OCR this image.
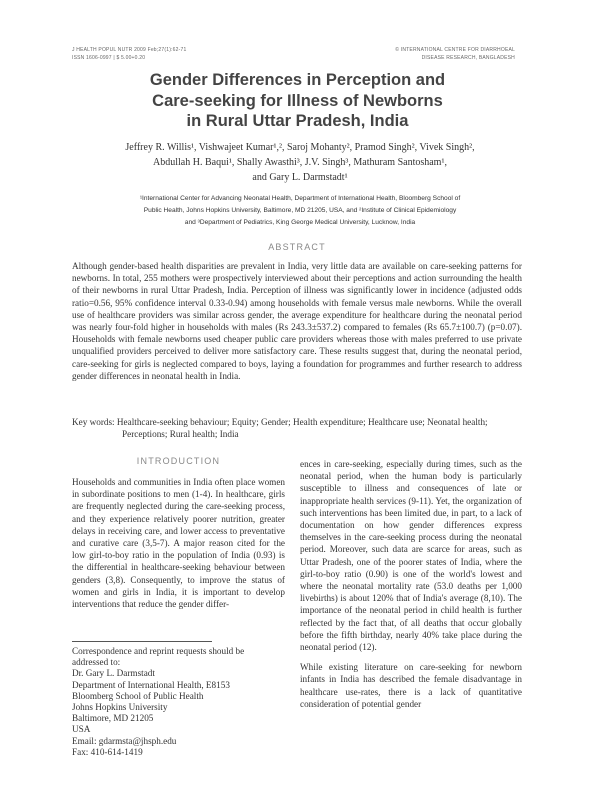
J HEALTH POPUL NUTR 2009 Feb;27(1):62-71
ISSN 1606-0997 | $ 5.00+0.20
© INTERNATIONAL CENTRE FOR DIARRHOEAL
DISEASE RESEARCH, BANGLADESH
Gender Differences in Perception and
Care-seeking for Illness of Newborns
in Rural Uttar Pradesh, India
Jeffrey R. Willis¹, Vishwajeet Kumar¹,², Saroj Mohanty², Pramod Singh², Vivek Singh²,
Abdullah H. Baqui¹, Shally Awasthi³, J.V. Singh³, Mathuram Santosham¹,
and Gary L. Darmstadt¹
¹International Center for Advancing Neonatal Health, Department of International Health, Bloomberg School of
Public Health, Johns Hopkins University, Baltimore, MD 21205, USA, and ²Institute of Clinical Epidemiology
and ³Department of Pediatrics, King George Medical University, Lucknow, India
ABSTRACT

Although gender-based health disparities are prevalent in India, very little data are available on care-seeking patterns for newborns. In total, 255 mothers were prospectively interviewed about their perceptions and action surrounding the health of their newborns in rural Uttar Pradesh, India. Perception of illness was significantly lower in incidence (adjusted odds ratio=0.56, 95% confidence interval 0.33-0.94) among households with female versus male newborns. While the overall use of healthcare providers was similar across gender, the average expenditure for healthcare during the neonatal period was nearly four-fold higher in households with males (Rs 243.3±537.2) compared to females (Rs 65.7±100.7) (p=0.07). Households with female newborns used cheaper public care providers whereas those with males preferred to use private unqualified providers perceived to deliver more satisfactory care. These results suggest that, during the neonatal period, care-seeking for girls is neglected compared to boys, laying a foundation for programmes and further research to address gender differences in neonatal health in India.

Key words: Healthcare-seeking behaviour; Equity; Gender; Health expenditure; Healthcare use; Neonatal health; Perceptions; Rural health; India

INTRODUCTION

Households and communities in India often place women in subordinate positions to men (1-4). In healthcare, girls are frequently neglected during the care-seeking process, and they experience relatively poorer nutrition, greater delays in receiving care, and lower access to preventative and curative care (3,5-7). A major reason cited for the low girl-to-boy ratio in the population of India (0.93) is the differential in healthcare-seeking behaviour between genders (3,8). Consequently, to improve the status of women and girls in India, it is important to develop interventions that reduce the gender differ-

Correspondence and reprint requests should be
addressed to:
Dr. Gary L. Darmstadt
Department of International Health, E8153
Bloomberg School of Public Health
Johns Hopkins University
Baltimore, MD 21205
USA
Email: gdarmsta@jhsph.edu
Fax: 410-614-1419

ences in care-seeking, especially during times, such as the neonatal period, when the human body is particularly susceptible to illness and consequences of late or inappropriate health services (9-11). Yet, the organization of such interventions has been limited due, in part, to a lack of documentation on how gender differences express themselves in the care-seeking process during the neonatal period. Moreover, such data are scarce for areas, such as Uttar Pradesh, one of the poorer states of India, where the girl-to-boy ratio (0.90) is one of the world's lowest and where the neonatal mortality rate (53.0 deaths per 1,000 livebirths) is about 120% that of India's average (8,10). The importance of the neonatal period in child health is further reflected by the fact that, of all deaths that occur globally before the fifth birthday, nearly 40% take place during the neonatal period (12).

While existing literature on care-seeking for newborn infants in India has described the female disadvantage in healthcare use-rates, there is a lack of quantitative consideration of potential gender
